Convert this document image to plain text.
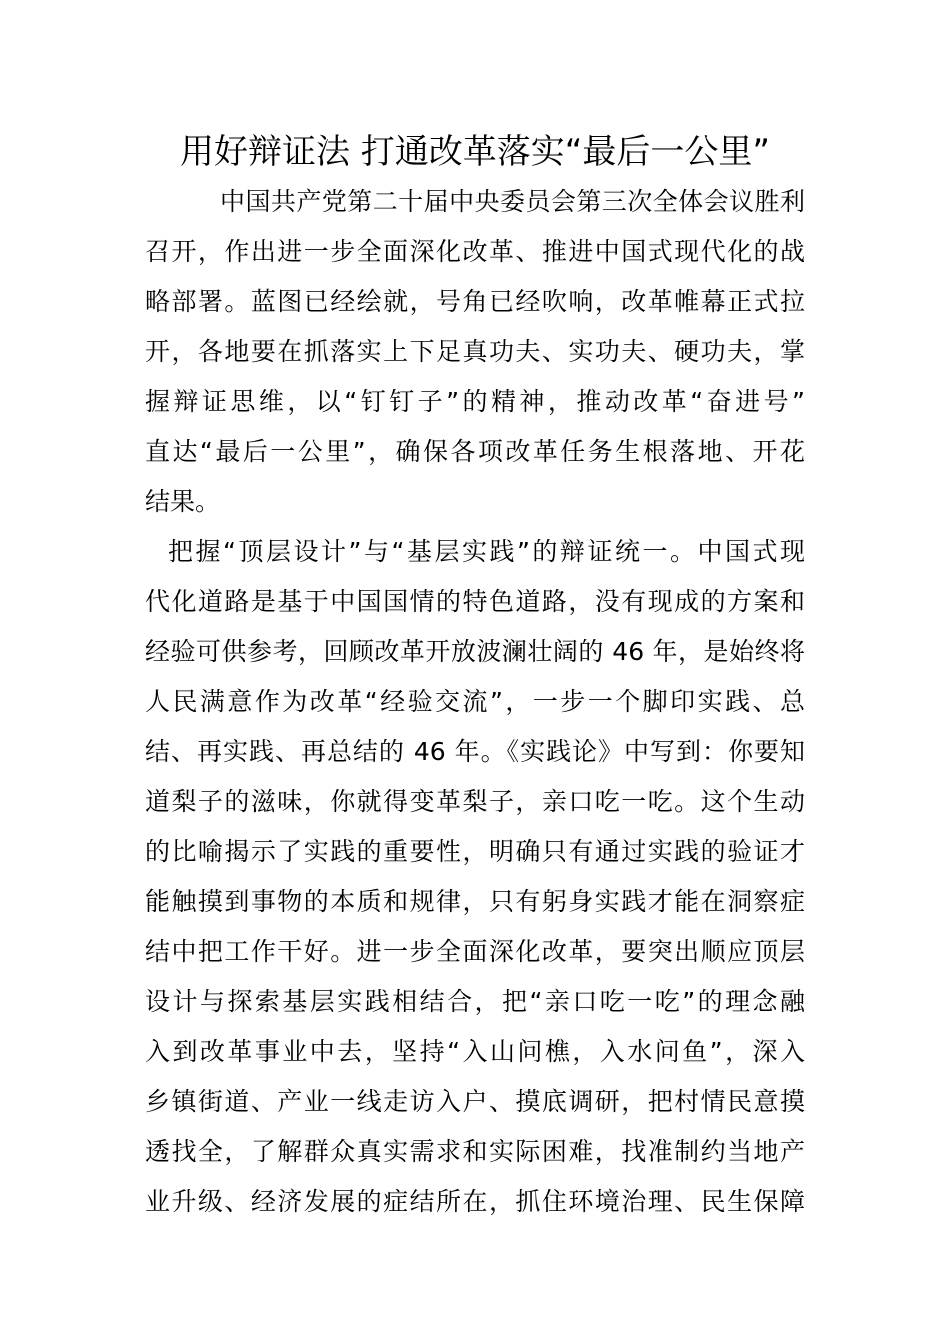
用好辩证法 打通改革落实“最后一公里”

中国共产党第二十届中央委员会第三次全体会议胜利

召开，作出进一步全面深化改革、推进中国式现代化的战

略部署。蓝图已经绘就，号角已经吹响，改革帷幕正式拉

开，各地要在抓落实上下足真功夫、实功夫、硬功夫，掌

握辩证思维，以“钉钉子”的精神，推动改革“奋进号”

直达“最后一公里”，确保各项改革任务生根落地、开花

结果。

把握“顶层设计”与“基层实践”的辩证统一。中国式现

代化道路是基于中国国情的特色道路，没有现成的方案和

经验可供参考，回顾改革开放波澜壮阔的 46 年，是始终将

人民满意作为改革“经验交流”，一步一个脚印实践、总

结、再实践、再总结的 46 年。《实践论》中写到：你要知

道梨子的滋味，你就得变革梨子，亲口吃一吃。这个生动

的比喻揭示了实践的重要性，明确只有通过实践的验证才

能触摸到事物的本质和规律，只有躬身实践才能在洞察症

结中把工作干好。进一步全面深化改革，要突出顺应顶层

设计与探索基层实践相结合，把“亲口吃一吃”的理念融

入到改革事业中去，坚持“入山问樵，入水问鱼”，深入

乡镇街道、产业一线走访入户、摸底调研，把村情民意摸

透找全，了解群众真实需求和实际困难，找准制约当地产

业升级、经济发展的症结所在，抓住环境治理、民生保障
